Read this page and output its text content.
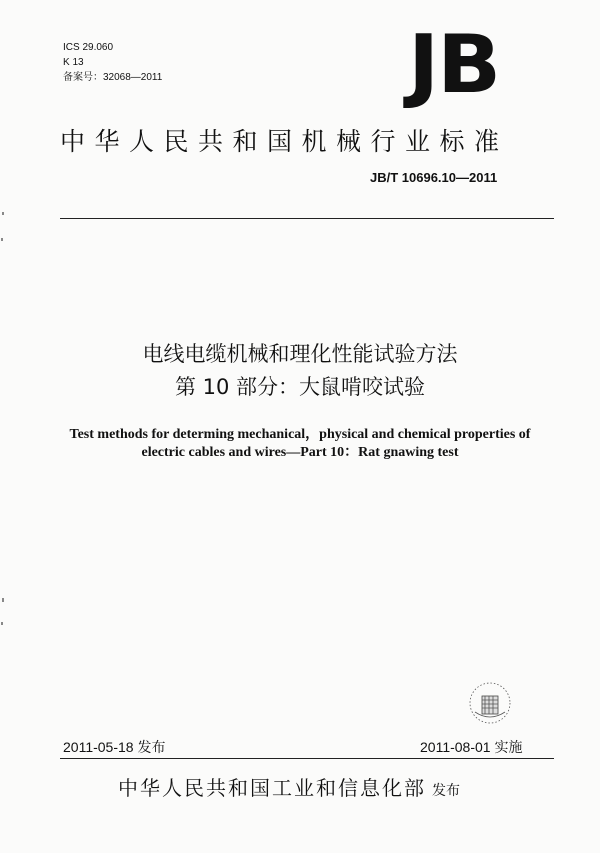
ICS 29.060
K 13
备案号：32068—2011	JB
中华人民共和国机械行业标准
JB/T 10696.10—2011
电线电缆机械和理化性能试验方法
第 10 部分：大鼠啃咬试验
Test methods for determing mechanical，physical and chemical properties of
electric cables and wires—Part 10：Rat gnawing test
2011-05-18 发布	2011-08-01 实施
中华人民共和国工业和信息化部 发布
